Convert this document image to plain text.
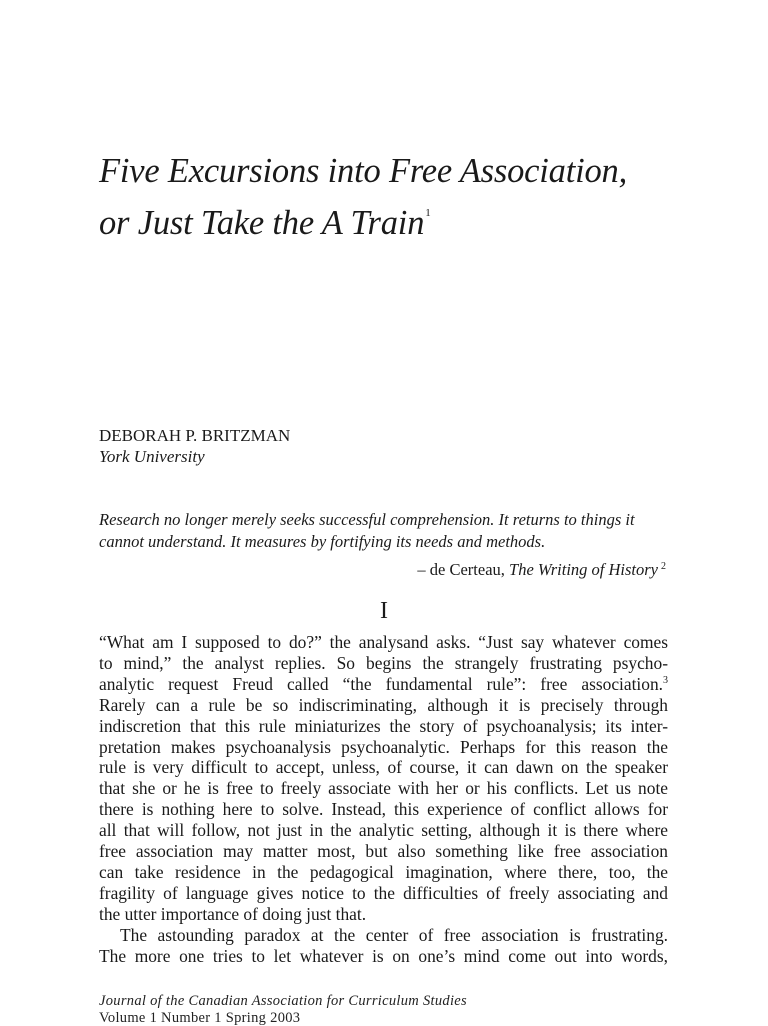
Five Excursions into Free Association,
or Just Take the A Train$^1$
DEBORAH P. BRITZMAN
York University
Research no longer merely seeks successful comprehension. It returns to things it
cannot understand. It measures by fortifying its needs and methods.
– de Certeau, The Writing of History $^2$
I
“What am I supposed to do?” the analysand asks. “Just say whatever comes
to mind,” the analyst replies. So begins the strangely frustrating psycho-
analytic request Freud called “the fundamental rule”: free association.$^3$
Rarely can a rule be so indiscriminating, although it is precisely through
indiscretion that this rule miniaturizes the story of psychoanalysis; its inter-
pretation makes psychoanalysis psychoanalytic. Perhaps for this reason the
rule is very difficult to accept, unless, of course, it can dawn on the speaker
that she or he is free to freely associate with her or his conflicts. Let us note
there is nothing here to solve. Instead, this experience of conflict allows for
all that will follow, not just in the analytic setting, although it is there where
free association may matter most, but also something like free association
can take residence in the pedagogical imagination, where there, too, the
fragility of language gives notice to the difficulties of freely associating and
the utter importance of doing just that.
The astounding paradox at the center of free association is frustrating.
The more one tries to let whatever is on one’s mind come out into words,
Journal of the Canadian Association for Curriculum Studies
Volume 1 Number 1 Spring 2003
